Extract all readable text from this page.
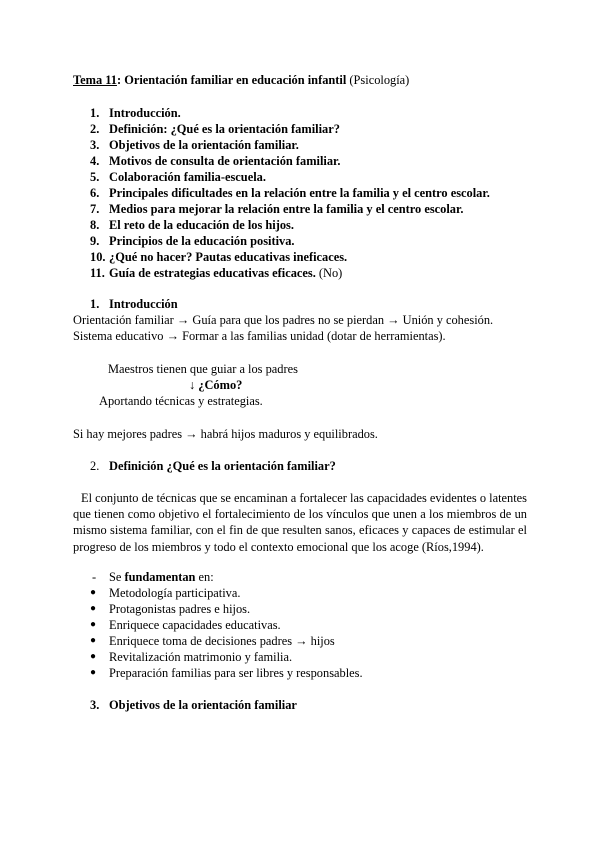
Tema 11: Orientación familiar en educación infantil (Psicología)
1. Introducción.
2. Definición: ¿Qué es la orientación familiar?
3. Objetivos de la orientación familiar.
4. Motivos de consulta de orientación familiar.
5. Colaboración familia-escuela.
6. Principales dificultades en la relación entre la familia y el centro escolar.
7. Medios para mejorar la relación entre la familia y el centro escolar.
8. El reto de la educación de los hijos.
9. Principios de la educación positiva.
10. ¿Qué no hacer? Pautas educativas ineficaces.
11. Guía de estrategias educativas eficaces. (No)
1. Introducción
Orientación familiar → Guía para que los padres no se pierdan → Unión y cohesión.
Sistema educativo → Formar a las familias unidad (dotar de herramientas).
Maestros tienen que guiar a los padres
↓ ¿Cómo?
Aportando técnicas y estrategias.
Si hay mejores padres → habrá hijos maduros y equilibrados.
2. Definición ¿Qué es la orientación familiar?
El conjunto de técnicas que se encaminan a fortalecer las capacidades evidentes o latentes que tienen como objetivo el fortalecimiento de los vínculos que unen a los miembros de un mismo sistema familiar, con el fin de que resulten sanos, eficaces y capaces de estimular el progreso de los miembros y todo el contexto emocional que los acoge (Ríos,1994).
- Se fundamentan en:
● Metodología participativa.
● Protagonistas padres e hijos.
● Enriquece capacidades educativas.
● Enriquece toma de decisiones padres → hijos
● Revitalización matrimonio y familia.
● Preparación familias para ser libres y responsables.
3. Objetivos de la orientación familiar
